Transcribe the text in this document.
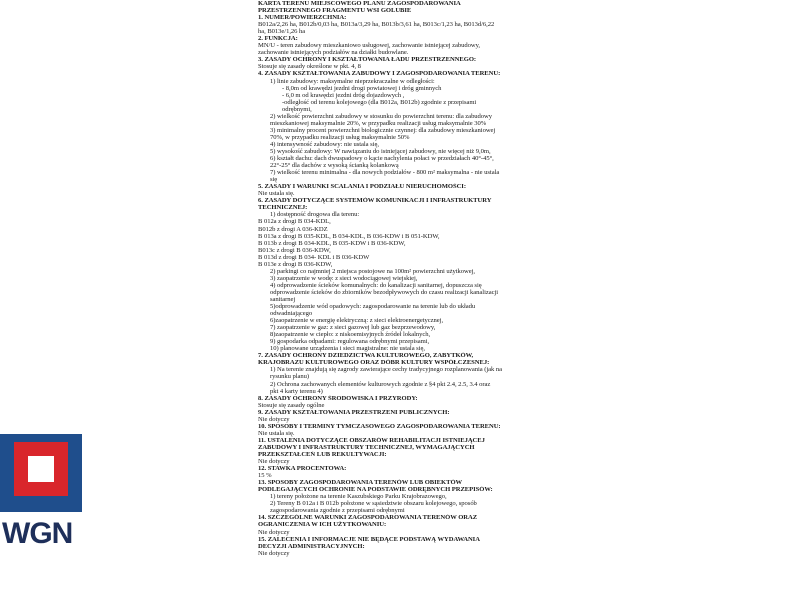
KARTA TERENU MIEJSCOWEGO PLANU ZAGOSPODAROWANIA
PRZESTRZENNEGO FRAGMENTU WSI GOLUBIE
1. NUMER/POWIERZCHNIA:
B012a/2,26 ha, B012b/0,03 ha, B013a/3,29 ha, B013b/3,61 ha, B013c/1,23 ha, B013d/6,22
ha, B013e/1,26 ha
2. FUNKCJA:
MN/U - teren zabudowy mieszkaniowo usługowej, zachowanie istniejącej zabudowy,
zachowanie istniejących podziałów na działki budowlane.
3. ZASADY OCHRONY I KSZTAŁTOWANIA ŁADU PRZESTRZENNEGO:
Stosuje się zasady określone w pkt. 4, 8
4. ZASADY KSZTAŁTOWANIA ZABUDOWY I ZAGOSPODAROWANIA TERENU:
1) linie zabudowy: maksymalne nieprzekraczalne w odległości:
- 8,0m od krawędzi jezdni drogi powiatowej i dróg gminnych
- 6,0 m od krawędzi jezdni dróg dojazdowych ,
-odległość od terenu kolejowego (dla B012a, B012b) zgodnie z przepisami
odrębnymi,
2) wielkość powierzchni zabudowy w stosunku do powierzchni terenu: dla zabudowy
mieszkaniowej maksymalnie 20%, w przypadku realizacji usług maksymalnie 30%
3) minimalny procent powierzchni biologicznie czynnej: dla zabudowy mieszkaniowej
70%, w przypadku realizacji usług maksymalnie 50%
4) intensywność zabudowy: nie ustala się,
5) wysokość zabudowy: W nawiązaniu do istniejącej zabudowy, nie więcej niż 9,0m,
6) kształt dachu: dach dwuspadowy o kącie nachylenia połaci w przedziałach 40°-45°,
22°-25° dla dachów z wysoką ścianką kolankową
7) wielkość terenu minimalna - dla nowych podziałów - 800 m² maksymalna - nie ustala
się
5. ZASADY I WARUNKI SCALANIA I PODZIAŁU NIERUCHOMOŚCI:
Nie ustala się.
6. ZASADY DOTYCZĄCE SYSTEMÓW KOMUNIKACJI I INFRASTRUKTURY
TECHNICZNEJ:
1) dostępność drogowa dla terenu:
B 012a z drogi B 034-KDL,
B012b z drogi A 036-KDZ
B 013a z drogi B 035-KDL, B 034-KDL, B 036-KDW i B 051-KDW,
B 013b z drogi B 034-KDL, B 035-KDW i B 036-KDW,
B013c z drogi B 036-KDW,
B 013d z drogi B 034- KDL i B 036-KDW
B 013e z drogi B 036-KDW,
2) parkingi co najmniej 2 miejsca postojowe na 100m² powierzchni użytkowej,
3) zaopatrzenie w wodę: z sieci wodociągowej wiejskiej,
4) odprowadzenie ścieków komunalnych: do kanalizacji sanitarnej, dopuszcza się
odprowadzenie ścieków do zbiorników bezodpływowych do czasu realizacji kanalizacji
sanitarnej
5)odprowadzenie wód opadowych: zagospodarowanie na terenie lub do układu
odwadniającego
6)zaopatrzenie w energię elektryczną: z sieci elektroenergetycznej,
7) zaopatrzenie w gaz: z sieci gazowej lub gaz bezprzewodowy,
8)zaopatrzenie w ciepło: z niskoemisyjnych źródeł lokalnych,
9) gospodarka odpadami: regulowana odrębnymi przepisami,
10) planowane urządzenia i sieci magistralne: nie ustala się,
7. ZASADY OCHRONY DZIEDZICTWA KULTUROWEGO, ZABYTKÓW,
KRAJOBRAZU KULTUROWEGO ORAZ DÓBR KULTURY WSPÓŁCZESNEJ:
1) Na terenie znajdują się zagrody zawierające cechy tradycyjnego rozplanowania (jak na
rysunku planu)
2) Ochrona zachowanych elementów kulturowych zgodnie z §4 pkt 2.4, 2.5, 3.4 oraz
pkt 4 karty terenu 4)
8. ZASADY OCHRONY ŚRODOWISKA I PRZYRODY:
Stosuje się zasady ogólne
9. ZASADY KSZTAŁTOWANIA PRZESTRZENI PUBLICZNYCH:
Nie dotyczy
10. SPOSOBY I TERMINY TYMCZASOWEGO ZAGOSPODAROWANIA TERENU:
Nie ustala się.
11. USTALENIA DOTYCZĄCE OBSZARÓW REHABILITACJI ISTNIEJĄCEJ
ZABUDOWY I INFRASTRUKTURY TECHNICZNEJ, WYMAGAJĄCYCH
PRZEKSZTAŁCEŃ LUB REKULTYWACJI:
Nie dotyczy
12. STAWKA PROCENTOWA:
15 %
13. SPOSOBY ZAGOSPODAROWANIA TERENÓW LUB OBIEKTÓW
PODLEGAJĄCYCH OCHRONIE NA PODSTAWIE ODRĘBNYCH PRZEPISÓW:
1) tereny położone na terenie Kaszubskiego Parku Krajobrazowego,
2) Tereny B 012a i B 012b położone w sąsiedztwie obszaru kolejowego, sposób
zagospodarowania zgodnie z przepisami odrębnymi
14. SZCZEGÓLNE WARUNKI ZAGOSPODAROWANIA TERENÓW ORAZ
OGRANICZENIA W ICH UŻYTKOWANIU:
Nie dotyczy
15. ZALECENIA I INFORMACJE NIE BĘDĄCE PODSTAWĄ WYDAWANIA
DECYZJI ADMINISTRACYJNYCH:
Nie dotyczy
WGN
